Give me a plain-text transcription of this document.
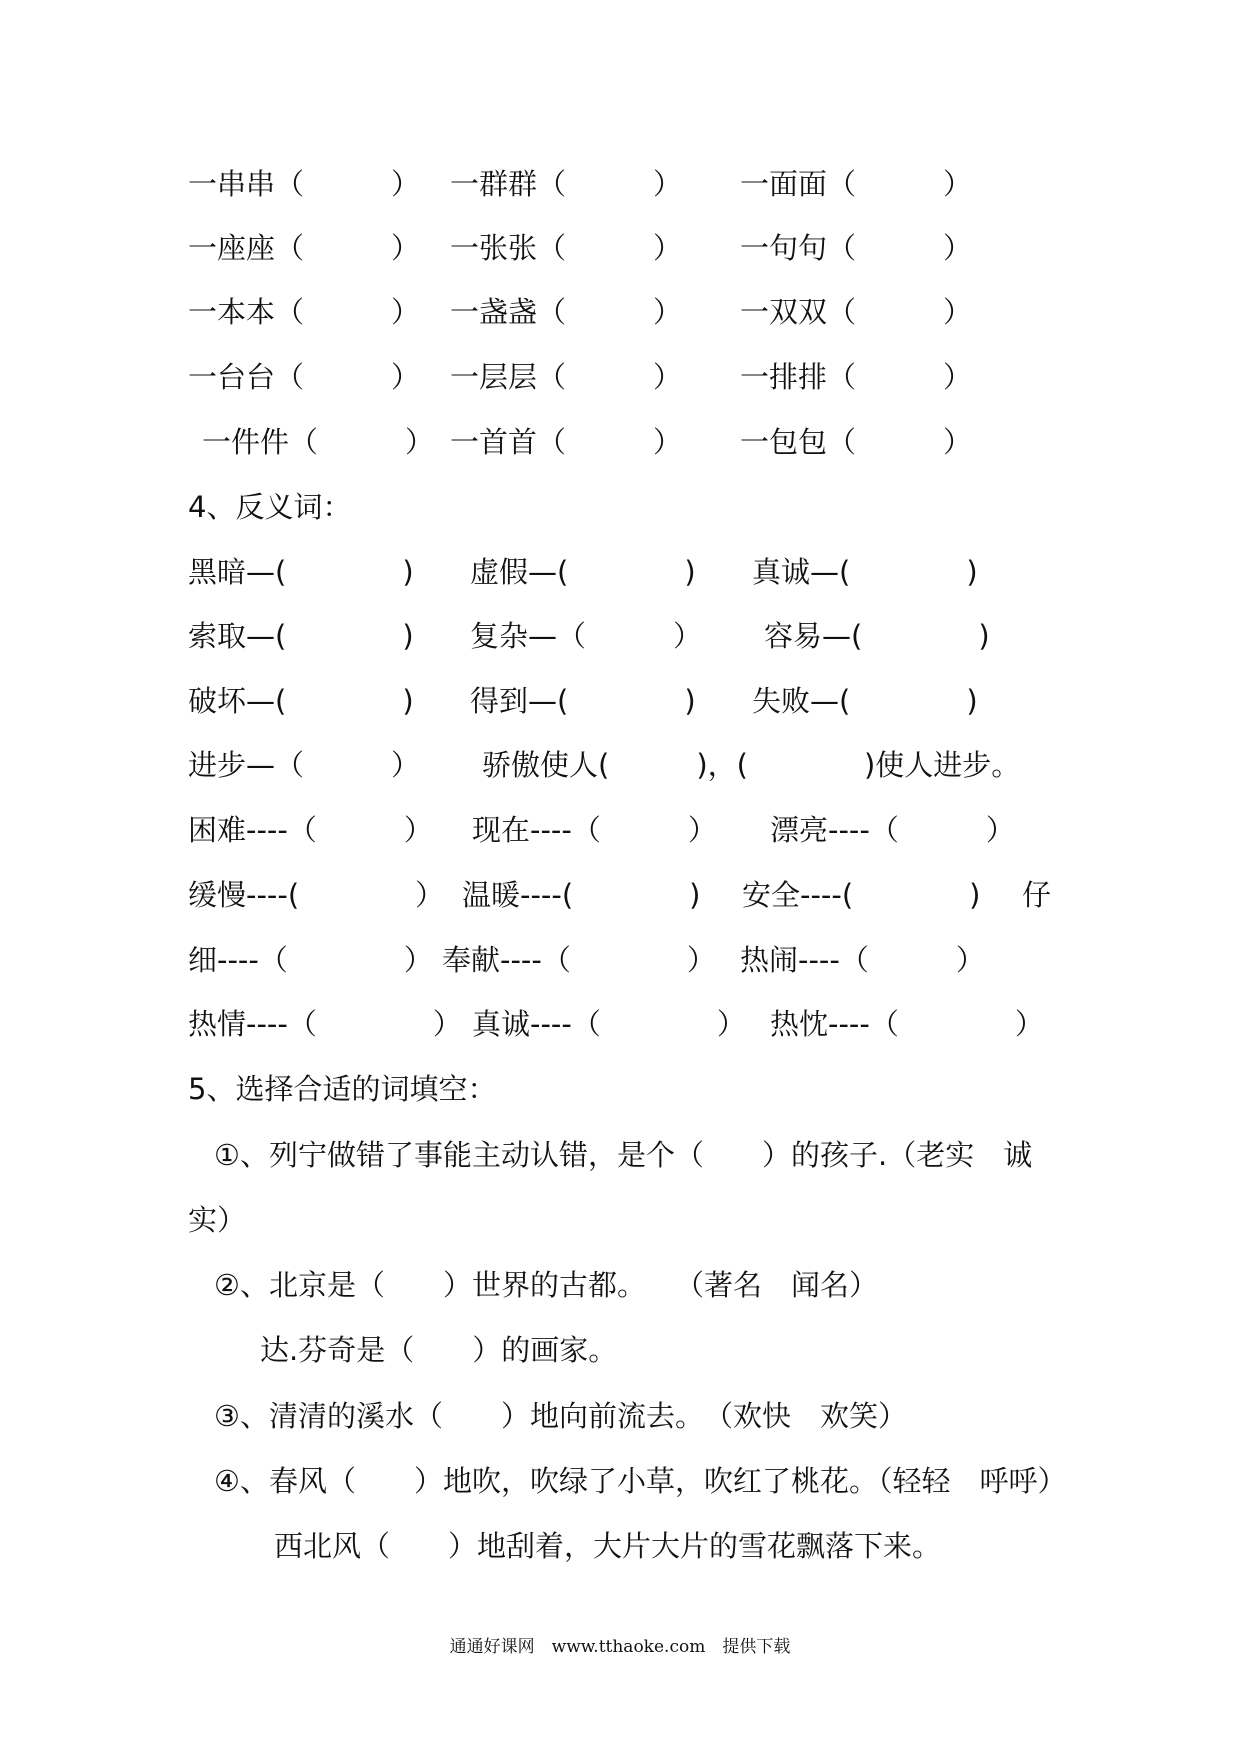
一串串（　　　） 一群群（　　　） 一面面（　　　）
一座座（　　　） 一张张（　　　） 一句句（　　　）
一本本（　　　） 一盏盏（　　　） 一双双（　　　）
一台台（　　　） 一层层（　　　） 一排排（　　　）
一件件（　　　） 一首首（　　　） 一包包（　　　）
4、反义词：
黑暗—(　　　　) 虚假—(　　　　) 真诚—(　　　　)
索取—(　　　　) 复杂—（　　　） 容易—(　　　　)
破坏—(　　　　) 得到—(　　　　) 失败—(　　　　)
进步—（　　　） 骄傲使人(　　　)，(　　　　)使人进步。
困难----（　　　） 现在----（　　　） 漂亮----（　　　）
缓慢----(　　　　） 温暖----(　　　　) 安全----(　　　　) 仔
细----（　　　　） 奉献----（　　　　） 热闹----（　　　）
热情----（　　　　） 真诚----（　　　　） 热忱----（　　　　）
5、选择合适的词填空：
①、列宁做错了事能主动认错，是个（　　）的孩子.（老实　诚
实）
②、北京是（　　）世界的古都。　　（著名　闻名）
达.芬奇是（　　）的画家。
③、清清的溪水（　　）地向前流去。　（欢快　欢笑）
④、春风（　　）地吹，吹绿了小草，吹红了桃花。（轻轻　呼呼）
西北风（　　）地刮着，大片大片的雪花飘落下来。
通通好课网　www.tthaoke.com　提供下载
